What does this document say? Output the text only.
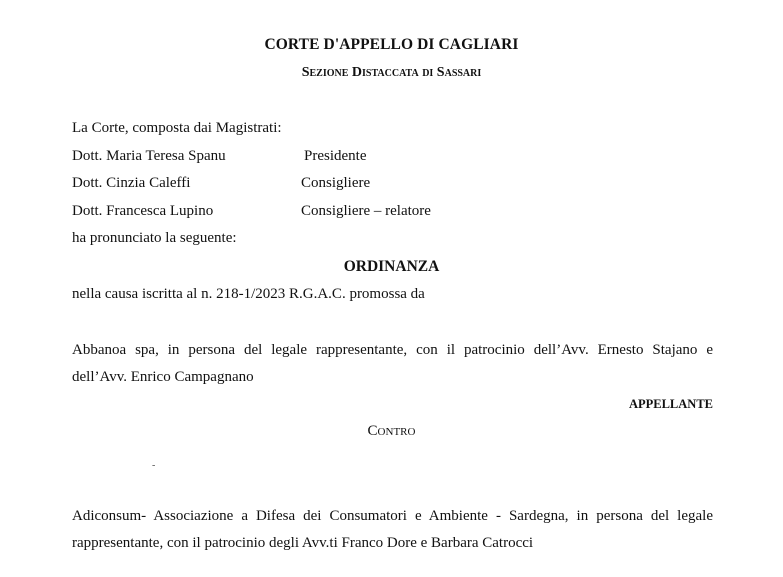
CORTE D'APPELLO DI CAGLIARI
Sezione Distaccata di Sassari
La Corte, composta dai Magistrati:
Dott. Maria Teresa Spanu	Presidente
Dott. Cinzia Caleffi	Consigliere
Dott. Francesca Lupino	Consigliere – relatore
ha pronunciato la seguente:
ORDINANZA
nella causa iscritta al n. 218-1/2023 R.G.A.C. promossa da
Abbanoa spa, in persona del legale rappresentante, con il patrocinio dell’Avv. Ernesto Stajano e
dell’Avv. Enrico Campagnano
APPELLANTE
Contro
-
Adiconsum- Associazione a Difesa dei Consumatori e Ambiente - Sardegna, in persona del legale
rappresentante, con il patrocinio degli Avv.ti Franco Dore e Barbara Catrocci
